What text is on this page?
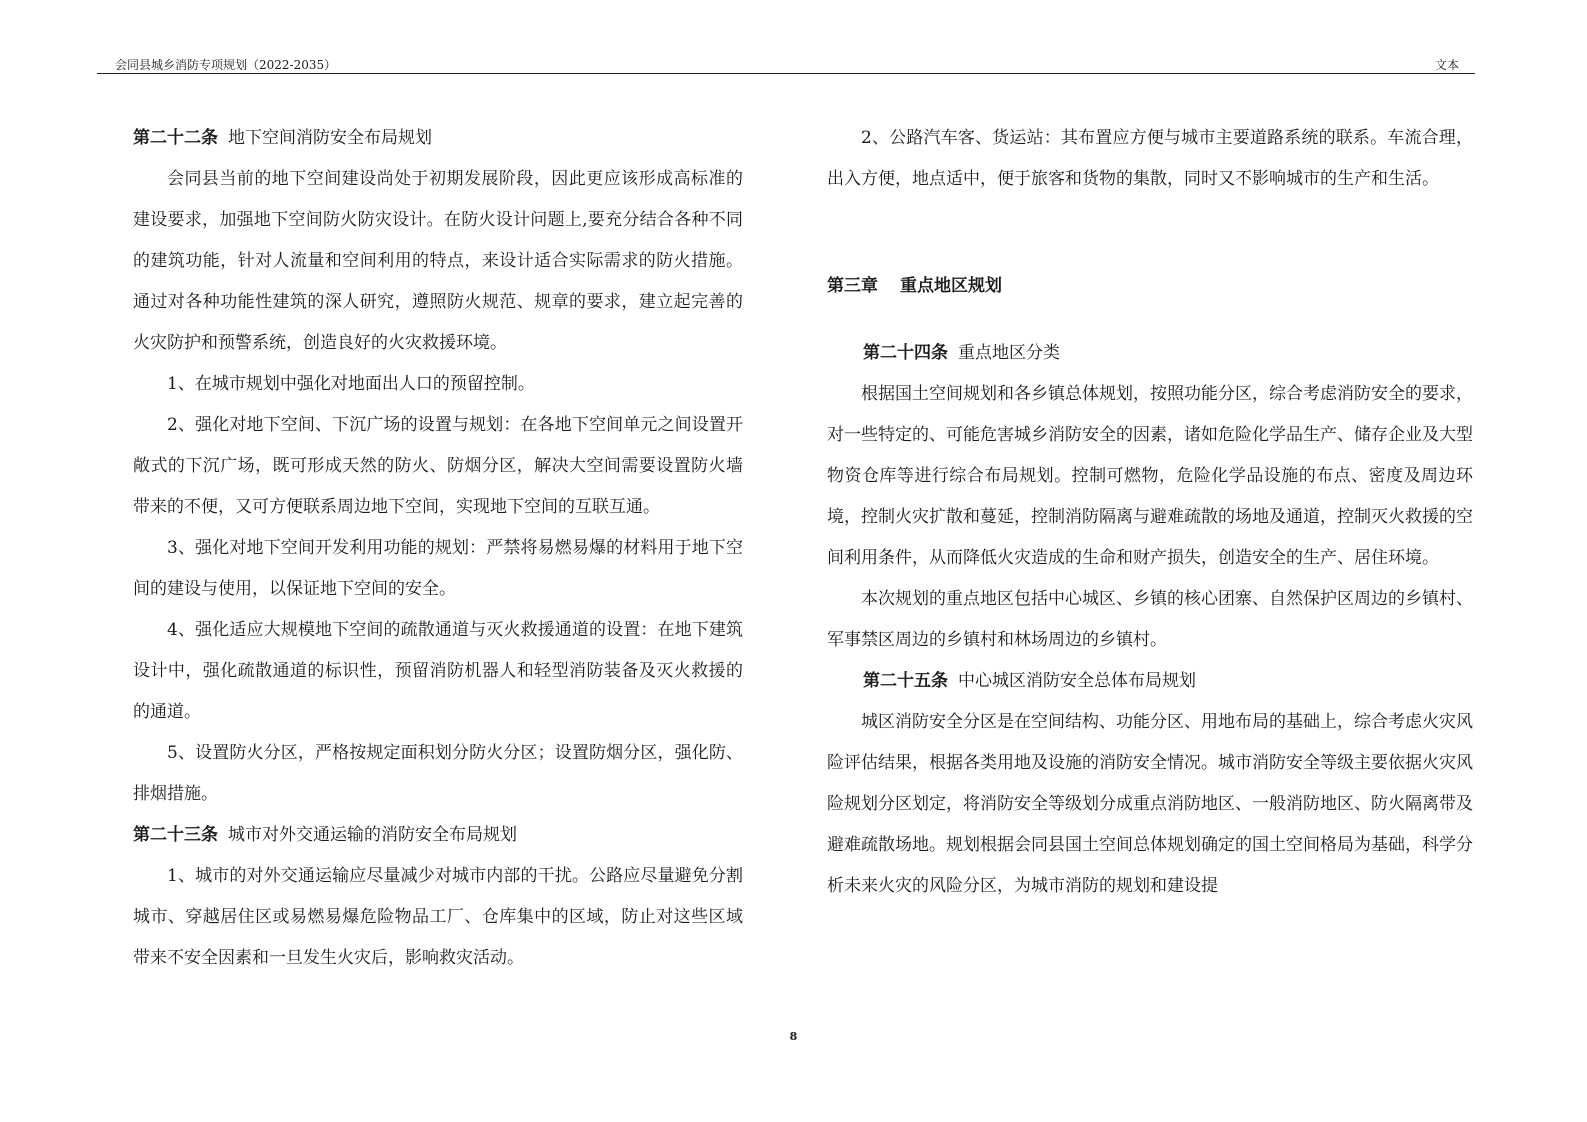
会同县城乡消防专项规划（2022-2035）	文本

第二十二条 地下空间消防安全布局规划

会同县当前的地下空间建设尚处于初期发展阶段，因此更应该形成高标准的建设要求，加强地下空间防火防灾设计。在防火设计问题上,要充分结合各种不同的建筑功能，针对人流量和空间利用的特点，来设计适合实际需求的防火措施。通过对各种功能性建筑的深人研究，遵照防火规范、规章的要求，建立起完善的火灾防护和预警系统，创造良好的火灾救援环境。

1、在城市规划中强化对地面出人口的预留控制。

2、强化对地下空间、下沉广场的设置与规划：在各地下空间单元之间设置开敞式的下沉广场，既可形成天然的防火、防烟分区，解决大空间需要设置防火墙带来的不便，又可方便联系周边地下空间，实现地下空间的互联互通。

3、强化对地下空间开发利用功能的规划：严禁将易燃易爆的材料用于地下空间的建设与使用，以保证地下空间的安全。

4、强化适应大规模地下空间的疏散通道与灭火救援通道的设置：在地下建筑设计中，强化疏散通道的标识性，预留消防机器人和轻型消防装备及灭火救援的的通道。

5、设置防火分区，严格按规定面积划分防火分区；设置防烟分区，强化防、排烟措施。

第二十三条 城市对外交通运输的消防安全布局规划

1、城市的对外交通运输应尽量减少对城市内部的干扰。公路应尽量避免分割城市、穿越居住区或易燃易爆危险物品工厂、仓库集中的区域，防止对这些区域带来不安全因素和一旦发生火灾后，影响救灾活动。

2、公路汽车客、货运站：其布置应方便与城市主要道路系统的联系。车流合理，出入方便，地点适中，便于旅客和货物的集散，同时又不影响城市的生产和生活。

第三章 重点地区规划

第二十四条 重点地区分类

根据国土空间规划和各乡镇总体规划，按照功能分区，综合考虑消防安全的要求，对一些特定的、可能危害城乡消防安全的因素，诸如危险化学品生产、储存企业及大型物资仓库等进行综合布局规划。控制可燃物，危险化学品设施的布点、密度及周边环境，控制火灾扩散和蔓延，控制消防隔离与避难疏散的场地及通道，控制灭火救援的空间利用条件，从而降低火灾造成的生命和财产损失，创造安全的生产、居住环境。

本次规划的重点地区包括中心城区、乡镇的核心团寨、自然保护区周边的乡镇村、军事禁区周边的乡镇村和林场周边的乡镇村。

第二十五条 中心城区消防安全总体布局规划

城区消防安全分区是在空间结构、功能分区、用地布局的基础上，综合考虑火灾风险评估结果，根据各类用地及设施的消防安全情况。城市消防安全等级主要依据火灾风险规划分区划定，将消防安全等级划分成重点消防地区、一般消防地区、防火隔离带及避难疏散场地。规划根据会同县国土空间总体规划确定的国土空间格局为基础，科学分析未来火灾的风险分区，为城市消防的规划和建设提

8
